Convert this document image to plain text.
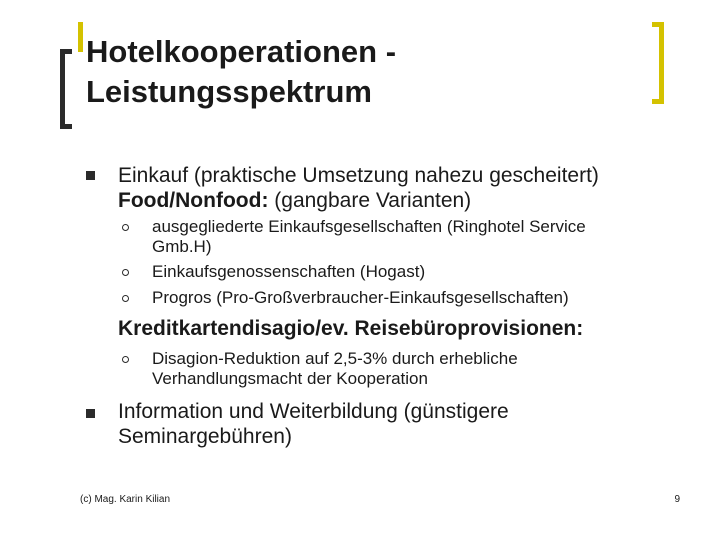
Hotelkooperationen -
Leistungsspektrum
Einkauf (praktische Umsetzung nahezu gescheitert)
Food/Nonfood: (gangbare Varianten)
ausgegliederte Einkaufsgesellschaften (Ringhotel Service
Gmb.H)
Einkaufsgenossenschaften (Hogast)
Progros (Pro-Großverbraucher-Einkaufsgesellschaften)
Kreditkartendisagio/ev. Reisebüroprovisionen:
Disagion-Reduktion auf 2,5-3% durch erhebliche
Verhandlungsmacht der Kooperation
Information und Weiterbildung (günstigere
Seminargebühren)
(c) Mag. Karin Kilian	9
